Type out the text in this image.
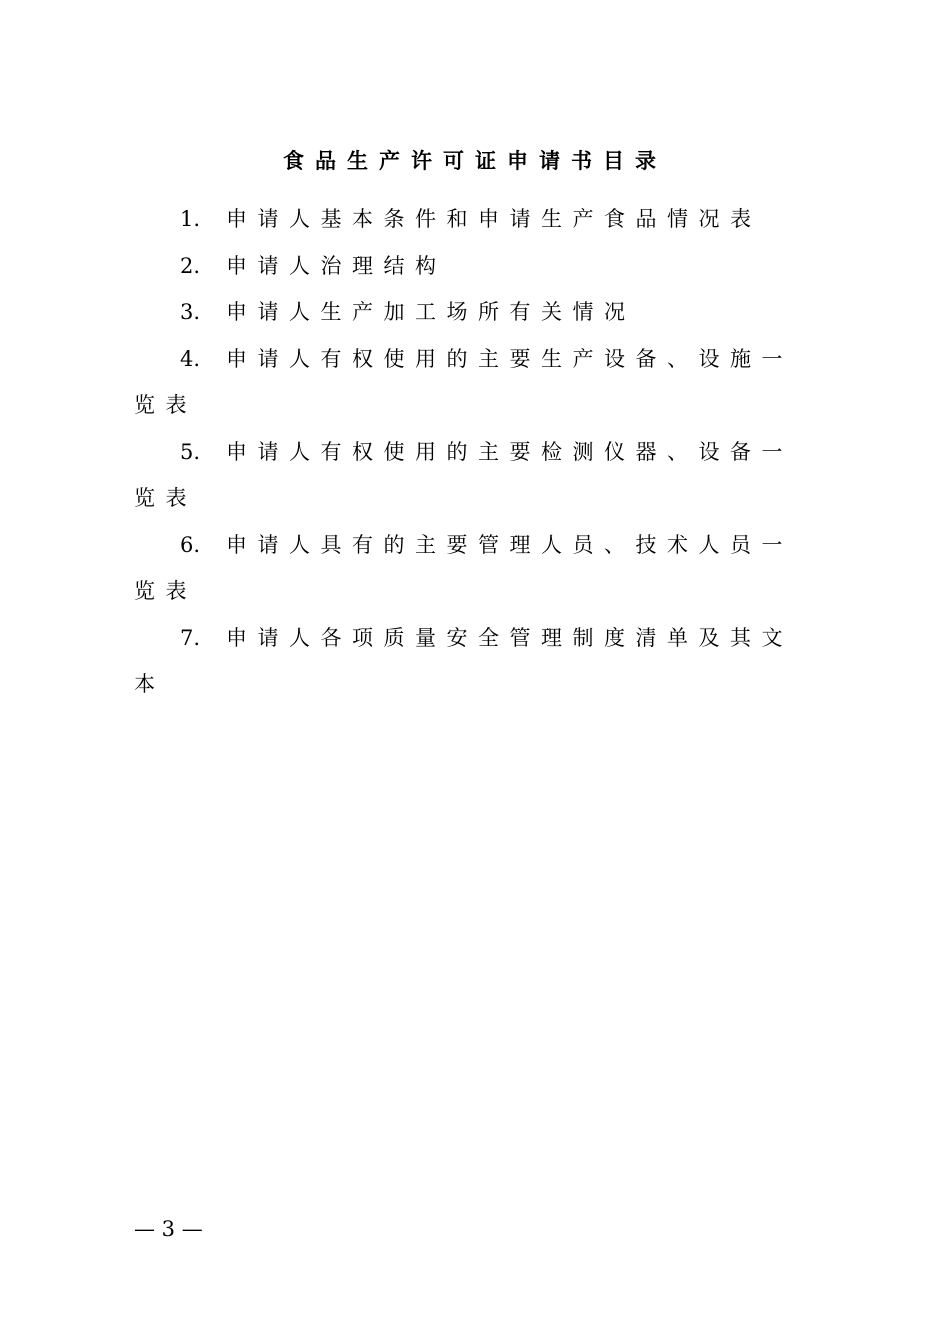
食品生产许可证申请书目录

1. 申请人基本条件和申请生产食品情况表

2. 申请人治理结构

3. 申请人生产加工场所有关情况

4. 申请人有权使用的主要生产设备、设施一览表

5. 申请人有权使用的主要检测仪器、设备一览表

6. 申请人具有的主要管理人员、技术人员一览表

7. 申请人各项质量安全管理制度清单及其文本

— 3 —
